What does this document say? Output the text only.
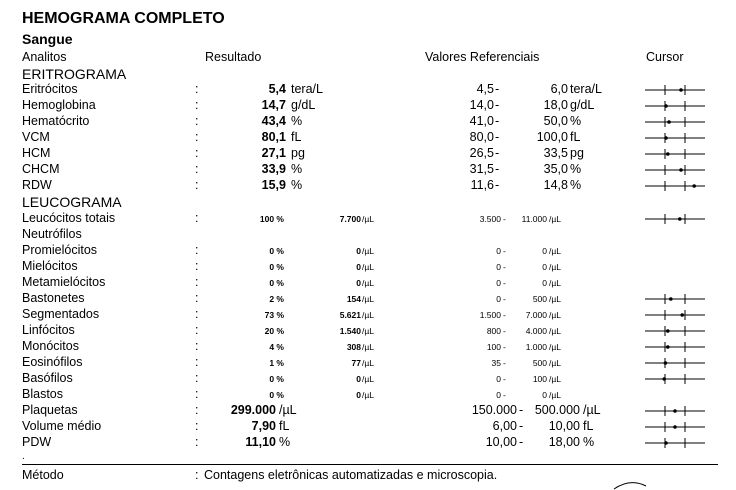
HEMOGRAMA COMPLETO
Sangue
Analitos	Resultado	Valores Referenciais	Cursor
ERITROGRAMA
LEUCOGRAMA
Neutrófilos
Eritrócitos	:	5,4 tera/L	4,5 -	6,0 tera/L
Hemoglobina	:	14,7 g/dL	14,0 -	18,0 g/dL
Hematócrito	:	43,4 %	41,0 -	50,0 %
VCM	:	80,1 fL	80,0 -	100,0 fL
HCM	:	27,1 pg	26,5 -	33,5 pg
CHCM	:	33,9 %	31,5 -	35,0 %
RDW	:	15,9 %	11,6 -	14,8 %
Leucócitos totais	:	100 %	7.700 /µL	3.500 - 11.000 /µL
Promielócitos	:	0 %	0 /µL	0 -	0 /µL
Mielócitos	:	0 %	0 /µL	0 -	0 /µL
Metamielócitos	:	0 %	0 /µL	0 -	0 /µL
Bastonetes	:	2 %	154 /µL	0 -	500 /µL
Segmentados	:	73 %	5.621 /µL	1.500 - 7.000 /µL
Linfócitos	:	20 %	1.540 /µL	800 - 4.000 /µL
Monócitos	:	4 %	308 /µL	100 - 1.000 /µL
Eosinófilos	:	1 %	77 /µL	35 -	500 /µL
Basófilos	:	0 %	0 /µL	0 -	100 /µL
Blastos	:	0 %	0 /µL	0 -	0 /µL
Plaquetas	:	299.000 /µL	150.000 - 500.000 /µL
Volume médio	:	7,90 fL	6,00 - 10,00 fL
PDW	:	11,10 %	10,00 - 18,00 %
.
Método	: Contagens eletrônicas automatizadas e microscopia.
